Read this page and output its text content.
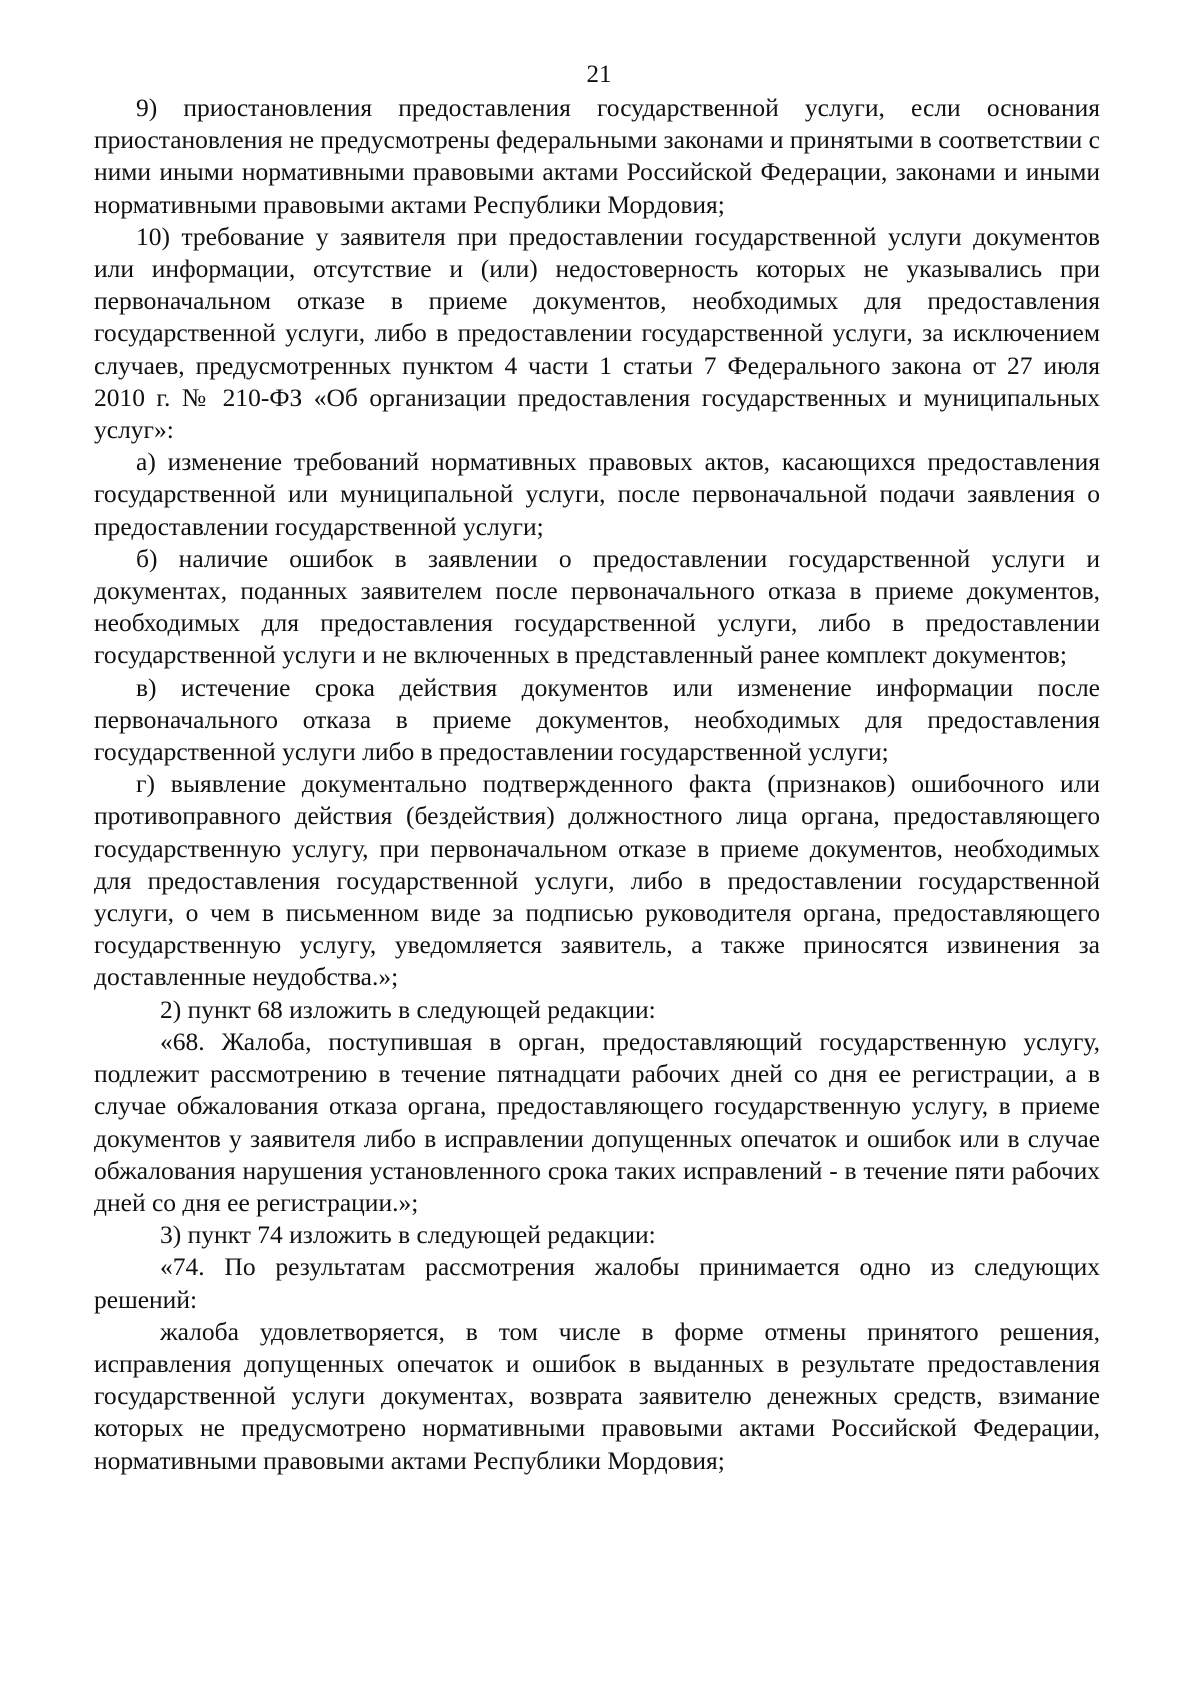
21

9) приостановления предоставления государственной услуги, если основания приостановления не предусмотрены федеральными законами и принятыми в соответствии с ними иными нормативными правовыми актами Российской Федерации, законами и иными нормативными правовыми актами Республики Мордовия;

10) требование у заявителя при предоставлении государственной услуги документов или информации, отсутствие и (или) недостоверность которых не указывались при первоначальном отказе в приеме документов, необходимых для предоставления государственной услуги, либо в предоставлении государственной услуги, за исключением случаев, предусмотренных пунктом 4 части 1 статьи 7 Федерального закона от 27 июля 2010 г. № 210-ФЗ «Об организации предоставления государственных и муниципальных услуг»:

а) изменение требований нормативных правовых актов, касающихся предоставления государственной или муниципальной услуги, после первоначальной подачи заявления о предоставлении государственной услуги;

б) наличие ошибок в заявлении о предоставлении государственной услуги и документах, поданных заявителем после первоначального отказа в приеме документов, необходимых для предоставления государственной услуги, либо в предоставлении государственной услуги и не включенных в представленный ранее комплект документов;

в) истечение срока действия документов или изменение информации после первоначального отказа в приеме документов, необходимых для предоставления государственной услуги либо в предоставлении государственной услуги;

г) выявление документально подтвержденного факта (признаков) ошибочного или противоправного действия (бездействия) должностного лица органа, предоставляющего государственную услугу, при первоначальном отказе в приеме документов, необходимых для предоставления государственной услуги, либо в предоставлении государственной услуги, о чем в письменном виде за подписью руководителя органа, предоставляющего государственную услугу, уведомляется заявитель, а также приносятся извинения за доставленные неудобства.»;

2) пункт 68 изложить в следующей редакции:

«68. Жалоба, поступившая в орган, предоставляющий государственную услугу, подлежит рассмотрению в течение пятнадцати рабочих дней со дня ее регистрации, а в случае обжалования отказа органа, предоставляющего государственную услугу, в приеме документов у заявителя либо в исправлении допущенных опечаток и ошибок или в случае обжалования нарушения установленного срока таких исправлений - в течение пяти рабочих дней со дня ее регистрации.»;

3) пункт 74 изложить в следующей редакции:

«74. По результатам рассмотрения жалобы принимается одно из следующих решений:

жалоба удовлетворяется, в том числе в форме отмены принятого решения, исправления допущенных опечаток и ошибок в выданных в результате предоставления государственной услуги документах, возврата заявителю денежных средств, взимание которых не предусмотрено нормативными правовыми актами Российской Федерации, нормативными правовыми актами Республики Мордовия;
